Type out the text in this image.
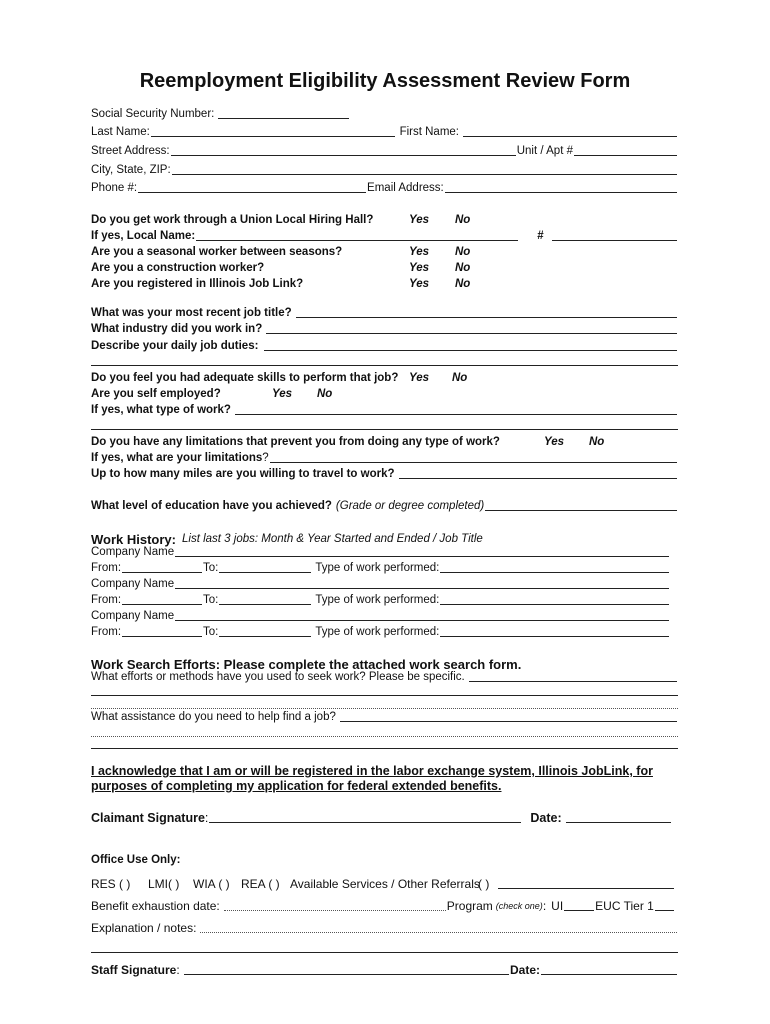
Reemployment Eligibility Assessment Review Form
Social Security Number:
Last Name:	First Name:
Street Address:	Unit / Apt #
City, State, ZIP:
Phone #:	Email Address:
Do you get work through a Union Local Hiring Hall?	Yes	No
If yes, Local Name:	#
Are you a seasonal worker between seasons?	Yes	No
Are you a construction worker?	Yes	No
Are you registered in Illinois Job Link?	Yes	No
What was your most recent job title?
What industry did you work in?
Describe your daily job duties:
Do you feel you had adequate skills to perform that job? Yes	No
Are you self employed?	Yes	No
If yes, what type of work?
Do you have any limitations that prevent you from doing any type of work?	Yes	No
If yes, what are your limitations ?
Up to how many miles are you willing to travel to work?
What level of education have you achieved? (Grade or degree completed)
Work History: List last 3 jobs: Month & Year Started and Ended / Job Title
Company Name
From:	To:	Type of work performed:
Company Name
From:	To:	Type of work performed:
Company Name
From:	To:	Type of work performed:
Work Search Efforts: Please complete the attached work search form.
What efforts or methods have you used to seek work? Please be specific.
What assistance do you need to help find a job?
I acknowledge that I am or will be registered in the labor exchange system, Illinois JobLink, for purposes of completing my application for federal extended benefits.
Claimant Signature :	Date:
Office Use Only:
RES ( )	LMI( )	WIA ( ) REA ( ) Available Services / Other Referrals
( )
Benefit exhaustion date:	Program (check one) : UI	EUC Tier 1
Explanation / notes:
Staff Signature :	Date:
